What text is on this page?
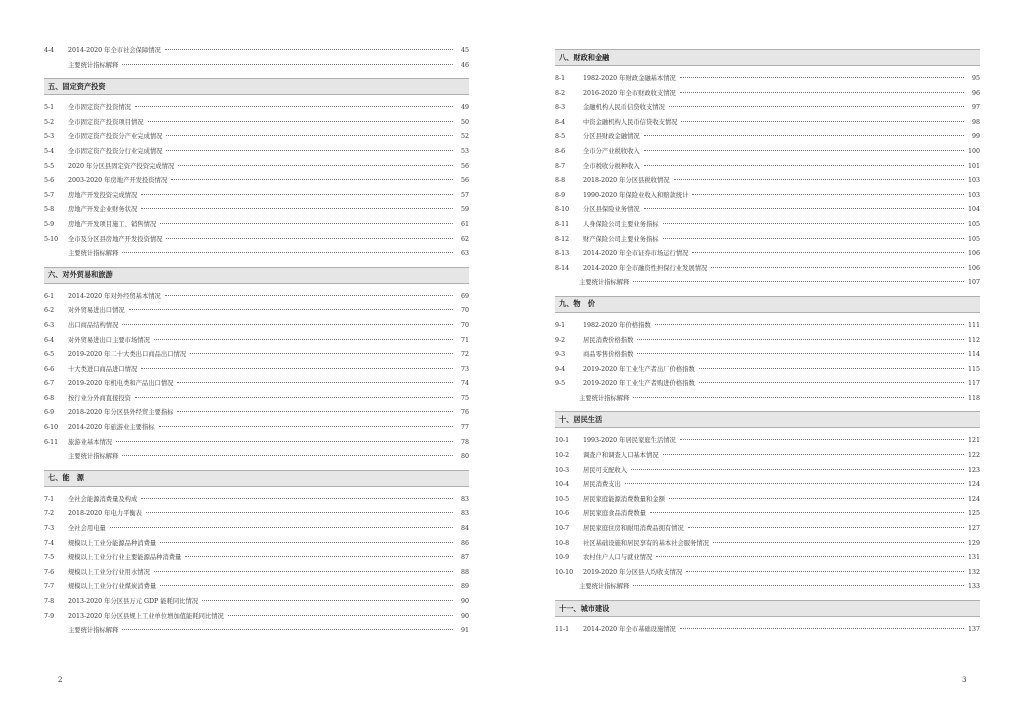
4-4	2014-2020 年全市社会保障情况	45
主要统计指标解释	46
五、固定资产投资
5-1	全市固定资产投资情况	49
5-2	全市固定资产投资项目情况	50
5-3	全市固定资产投资分产业完成情况	52
5-4	全市固定资产投资分行业完成情况	53
5-5	2020 年分区县固定资产投资完成情况	56
5-6	2003-2020 年房地产开发投资情况	56
5-7	房地产开发投资完成情况	57
5-8	房地产开发企业财务状况	59
5-9	房地产开发项目施工、销售情况	61
5-10	全市及分区县房地产开发投资情况	62
主要统计指标解释	63
六、对外贸易和旅游
6-1	2014-2020 年对外经贸基本情况	69
6-2	对外贸易进出口情况	70
6-3	出口商品结构情况	70
6-4	对外贸易进出口主要市场情况	71
6-5	2019-2020 年二十大类出口商品出口情况	72
6-6	十大类进口商品进口情况	73
6-7	2019-2020 年机电类和产品出口情况	74
6-8	按行业分外商直接投资	75
6-9	2018-2020 年分区县外经贸主要指标	76
6-10	2014-2020 年旅游业主要指标	77
6-11	旅游业基本情况	78
主要统计指标解释	80
七、能　源
7-1	全社会能源消费量及构成	83
7-2	2018-2020 年电力平衡表	83
7-3	全社会用电量	84
7-4	规模以上工业分能源品种消费量	86
7-5	规模以上工业分行业主要能源品种消费量	87
7-6	规模以上工业分行业用水情况	88
7-7	规模以上工业分行业煤炭消费量	89
7-8	2013-2020 年分区县万元 GDP 能耗同比情况	90
7-9	2013-2020 年分区县规上工业单位增加值能耗同比情况	90
主要统计指标解释	91
八、财政和金融
8-1	1982-2020 年财政金融基本情况	95
8-2	2016-2020 年全市财政收支情况	96
8-3	金融机构人民币信贷收支情况	97
8-4	中资金融机构人民币信贷收支情况	98
8-5	分区县财政金融情况	99
8-6	全市分产业税收收入	100
8-7	全市税收分税种收入	101
8-8	2018-2020 年分区县税收情况	103
8-9	1990-2020 年保险业收入和赔款统计	103
8-10	分区县保险业务情况	104
8-11	人身保险公司主要业务指标	105
8-12	财产保险公司主要业务指标	105
8-13	2014-2020 年全市证券市场运行情况	106
8-14	2014-2020 年全市融资性担保行业发展情况	106
主要统计指标解释	107
九、物　价
9-1	1982-2020 年价格指数	111
9-2	居民消费价格指数	112
9-3	商品零售价格指数	114
9-4	2019-2020 年工业生产者出厂价格指数	115
9-5	2019-2020 年工业生产者购进价格指数	117
主要统计指标解释	118
十、居民生活
10-1	1993-2020 年居民家庭生活情况	121
10-2	调查户和调查人口基本情况	122
10-3	居民可支配收入	123
10-4	居民消费支出	124
10-5	居民家庭能源消费数量和金额	124
10-6	居民家庭食品消费数量	125
10-7	居民家庭住房和耐用消费品拥有情况	127
10-8	社区基础设施和居民享有的基本社会服务情况	129
10-9	农村住户人口与就业情况	131
10-10	2019-2020 年分区县人均收支情况	132
主要统计指标解释	133
十一、城市建设
11-1	2014-2020 年全市基础设施情况	137
2	3
